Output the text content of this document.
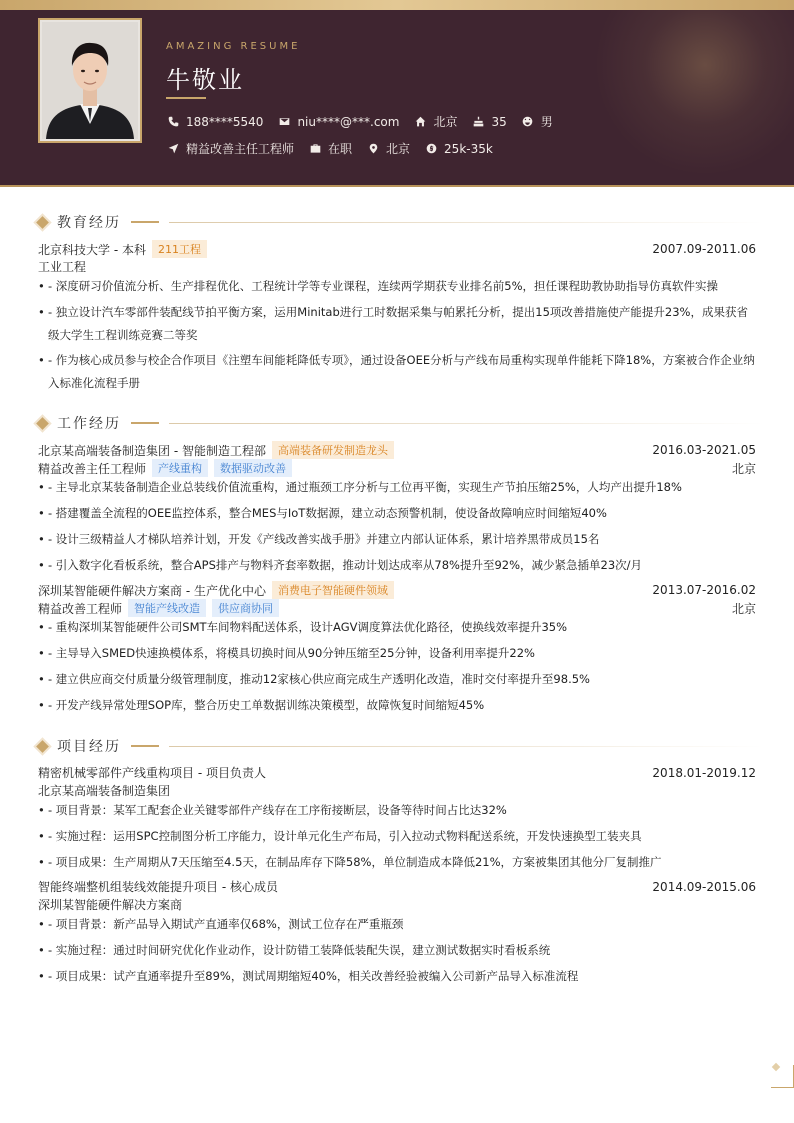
AMAZING RESUME
牛敬业
188****5540	niu****@***.com	北京	35	男
精益改善主任工程师	在职	北京	25k-35k
教育经历
北京科技大学 - 本科	211工程	2007.09-2011.06
工业工程
• - 深度研习价值流分析、生产排程优化、工程统计学等专业课程，连续两学期获专业排名前5%，担任课程助教协助指导仿真软件实操
• - 独立设计汽车零部件装配线节拍平衡方案，运用Minitab进行工时数据采集与帕累托分析，提出15项改善措施使产能提升23%，成果获省级大学生工程训练竞赛二等奖
• - 作为核心成员参与校企合作项目《注塑车间能耗降低专项》，通过设备OEE分析与产线布局重构实现单件能耗下降18%，方案被合作企业纳入标准化流程手册
工作经历
北京某高端装备制造集团 - 智能制造工程部	高端装备研发制造龙头	2016.03-2021.05
精益改善主任工程师	产线重构	数据驱动改善	北京
• - 主导北京某装备制造企业总装线价值流重构，通过瓶颈工序分析与工位再平衡，实现生产节拍压缩25%，人均产出提升18%
• - 搭建覆盖全流程的OEE监控体系，整合MES与IoT数据源，建立动态预警机制，使设备故障响应时间缩短40%
• - 设计三级精益人才梯队培养计划，开发《产线改善实战手册》并建立内部认证体系，累计培养黑带成员15名
• - 引入数字化看板系统，整合APS排产与物料齐套率数据，推动计划达成率从78%提升至92%，减少紧急插单23次/月
深圳某智能硬件解决方案商 - 生产优化中心	消费电子智能硬件领域	2013.07-2016.02
精益改善工程师	智能产线改造	供应商协同	北京
• - 重构深圳某智能硬件公司SMT车间物料配送体系，设计AGV调度算法优化路径，使换线效率提升35%
• - 主导导入SMED快速换模体系，将模具切换时间从90分钟压缩至25分钟，设备利用率提升22%
• - 建立供应商交付质量分级管理制度，推动12家核心供应商完成生产透明化改造，准时交付率提升至98.5%
• - 开发产线异常处理SOP库，整合历史工单数据训练决策模型，故障恢复时间缩短45%
项目经历
精密机械零部件产线重构项目 - 项目负责人	2018.01-2019.12
北京某高端装备制造集团
• - 项目背景：某军工配套企业关键零部件产线存在工序衔接断层，设备等待时间占比达32%
• - 实施过程：运用SPC控制图分析工序能力，设计单元化生产布局，引入拉动式物料配送系统，开发快速换型工装夹具
• - 项目成果：生产周期从7天压缩至4.5天，在制品库存下降58%，单位制造成本降低21%，方案被集团其他分厂复制推广
智能终端整机组装线效能提升项目 - 核心成员	2014.09-2015.06
深圳某智能硬件解决方案商
• - 项目背景：新产品导入期试产直通率仅68%，测试工位存在严重瓶颈
• - 实施过程：通过时间研究优化作业动作，设计防错工装降低装配失误，建立测试数据实时看板系统
• - 项目成果：试产直通率提升至89%，测试周期缩短40%，相关改善经验被编入公司新产品导入标准流程
